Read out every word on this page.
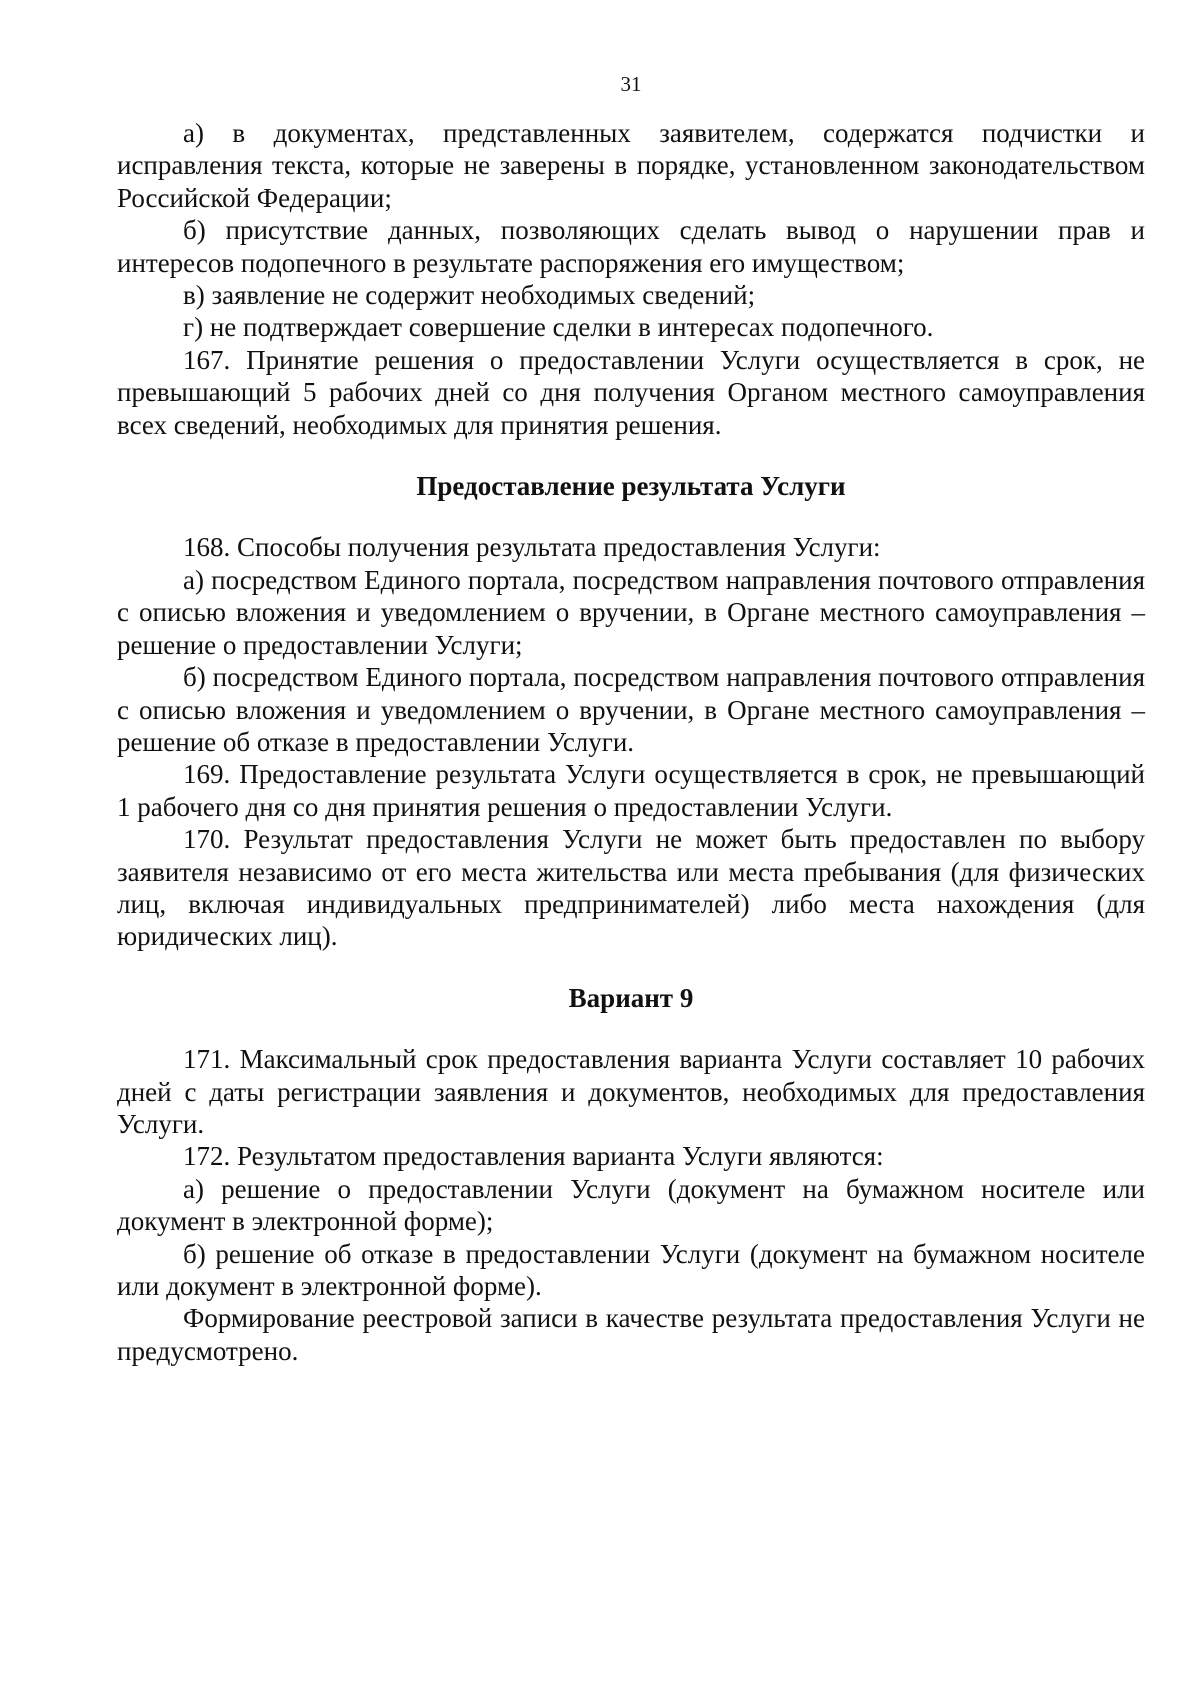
31

а) в документах, представленных заявителем, содержатся подчистки и исправления текста, которые не заверены в порядке, установленном законодательством Российской Федерации;

б) присутствие данных, позволяющих сделать вывод о нарушении прав и интересов подопечного в результате распоряжения его имуществом;

в) заявление не содержит необходимых сведений;

г) не подтверждает совершение сделки в интересах подопечного.

167. Принятие решения о предоставлении Услуги осуществляется в срок, не превышающий 5 рабочих дней со дня получения Органом местного самоуправления всех сведений, необходимых для принятия решения.

Предоставление результата Услуги

168. Способы получения результата предоставления Услуги:

а) посредством Единого портала, посредством направления почтового отправления с описью вложения и уведомлением о вручении, в Органе местного самоуправления – решение о предоставлении Услуги;

б) посредством Единого портала, посредством направления почтового отправления с описью вложения и уведомлением о вручении, в Органе местного самоуправления – решение об отказе в предоставлении Услуги.

169. Предоставление результата Услуги осуществляется в срок, не превышающий 1 рабочего дня со дня принятия решения о предоставлении Услуги.

170. Результат предоставления Услуги не может быть предоставлен по выбору заявителя независимо от его места жительства или места пребывания (для физических лиц, включая индивидуальных предпринимателей) либо места нахождения (для юридических лиц).

Вариант 9

171. Максимальный срок предоставления варианта Услуги составляет 10 рабочих дней с даты регистрации заявления и документов, необходимых для предоставления Услуги.

172. Результатом предоставления варианта Услуги являются:

а) решение о предоставлении Услуги (документ на бумажном носителе или документ в электронной форме);

б) решение об отказе в предоставлении Услуги (документ на бумажном носителе или документ в электронной форме).

Формирование реестровой записи в качестве результата предоставления Услуги не предусмотрено.
